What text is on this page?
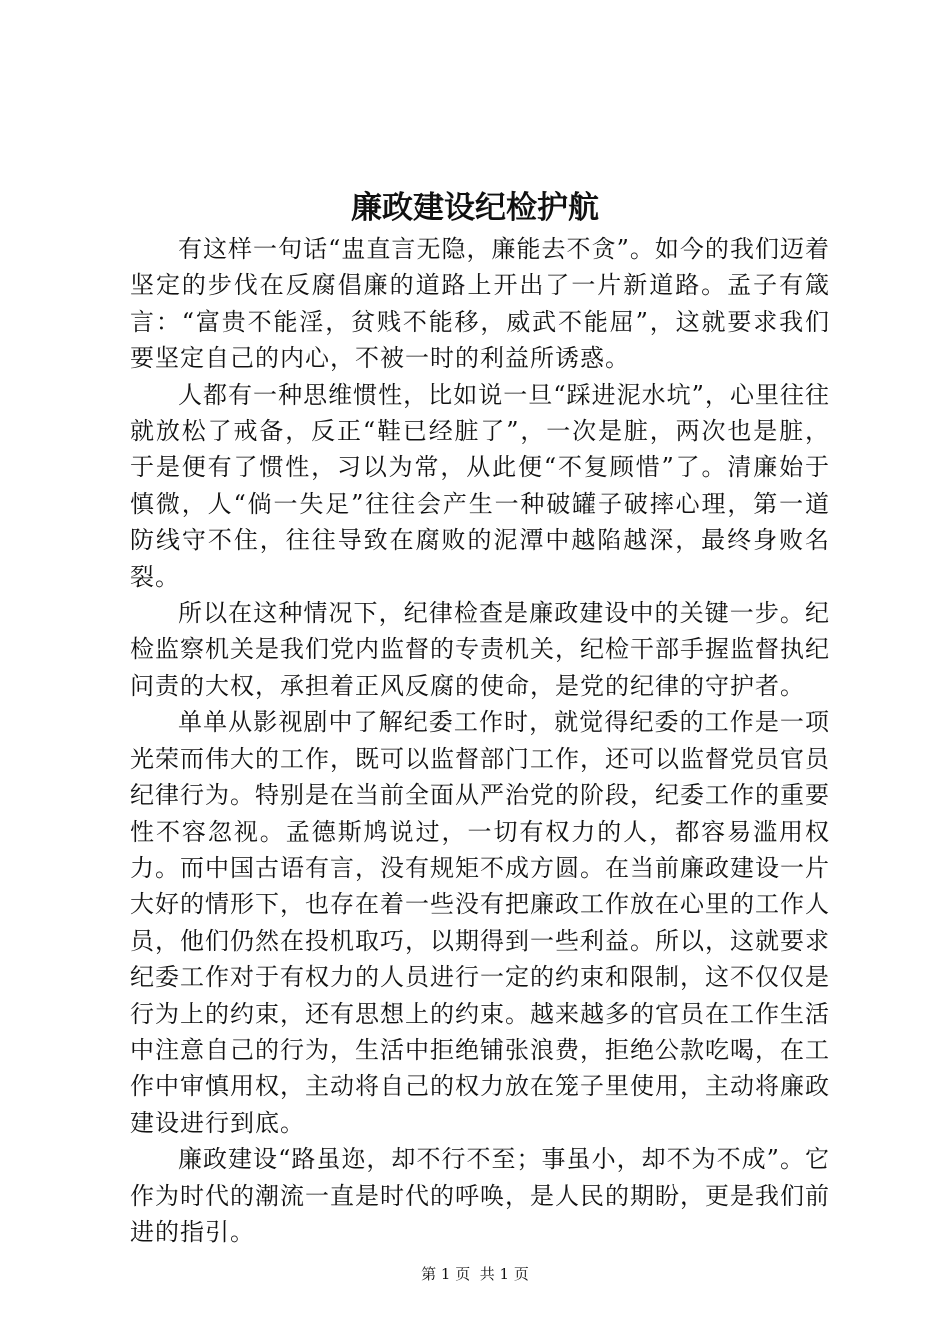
廉政建设纪检护航

有这样一句话“盅直言无隐，廉能去不贪”。如今的我们迈着坚定的步伐在反腐倡廉的道路上开出了一片新道路。孟子有箴言：“富贵不能淫，贫贱不能移，威武不能屈”，这就要求我们要坚定自己的内心，不被一时的利益所诱惑。

人都有一种思维惯性，比如说一旦“踩进泥水坑”，心里往往就放松了戒备，反正“鞋已经脏了”，一次是脏，两次也是脏，于是便有了惯性，习以为常，从此便“不复顾惜”了。清廉始于慎微，人“倘一失足”往往会产生一种破罐子破摔心理，第一道防线守不住，往往导致在腐败的泥潭中越陷越深，最终身败名裂。

所以在这种情况下，纪律检查是廉政建设中的关键一步。纪检监察机关是我们党内监督的专责机关，纪检干部手握监督执纪问责的大权，承担着正风反腐的使命，是党的纪律的守护者。

单单从影视剧中了解纪委工作时，就觉得纪委的工作是一项光荣而伟大的工作，既可以监督部门工作，还可以监督党员官员纪律行为。特别是在当前全面从严治党的阶段，纪委工作的重要性不容忽视。孟德斯鸠说过，一切有权力的人，都容易滥用权力。而中国古语有言，没有规矩不成方圆。在当前廉政建设一片大好的情形下，也存在着一些没有把廉政工作放在心里的工作人员，他们仍然在投机取巧，以期得到一些利益。所以，这就要求纪委工作对于有权力的人员进行一定的约束和限制，这不仅仅是行为上的约束，还有思想上的约束。越来越多的官员在工作生活中注意自己的行为，生活中拒绝铺张浪费，拒绝公款吃喝，在工作中审慎用权，主动将自己的权力放在笼子里使用，主动将廉政建设进行到底。

廉政建设“路虽迩，却不行不至；事虽小，却不为不成”。它作为时代的潮流一直是时代的呼唤，是人民的期盼，更是我们前进的指引。

第 1 页  共 1 页
